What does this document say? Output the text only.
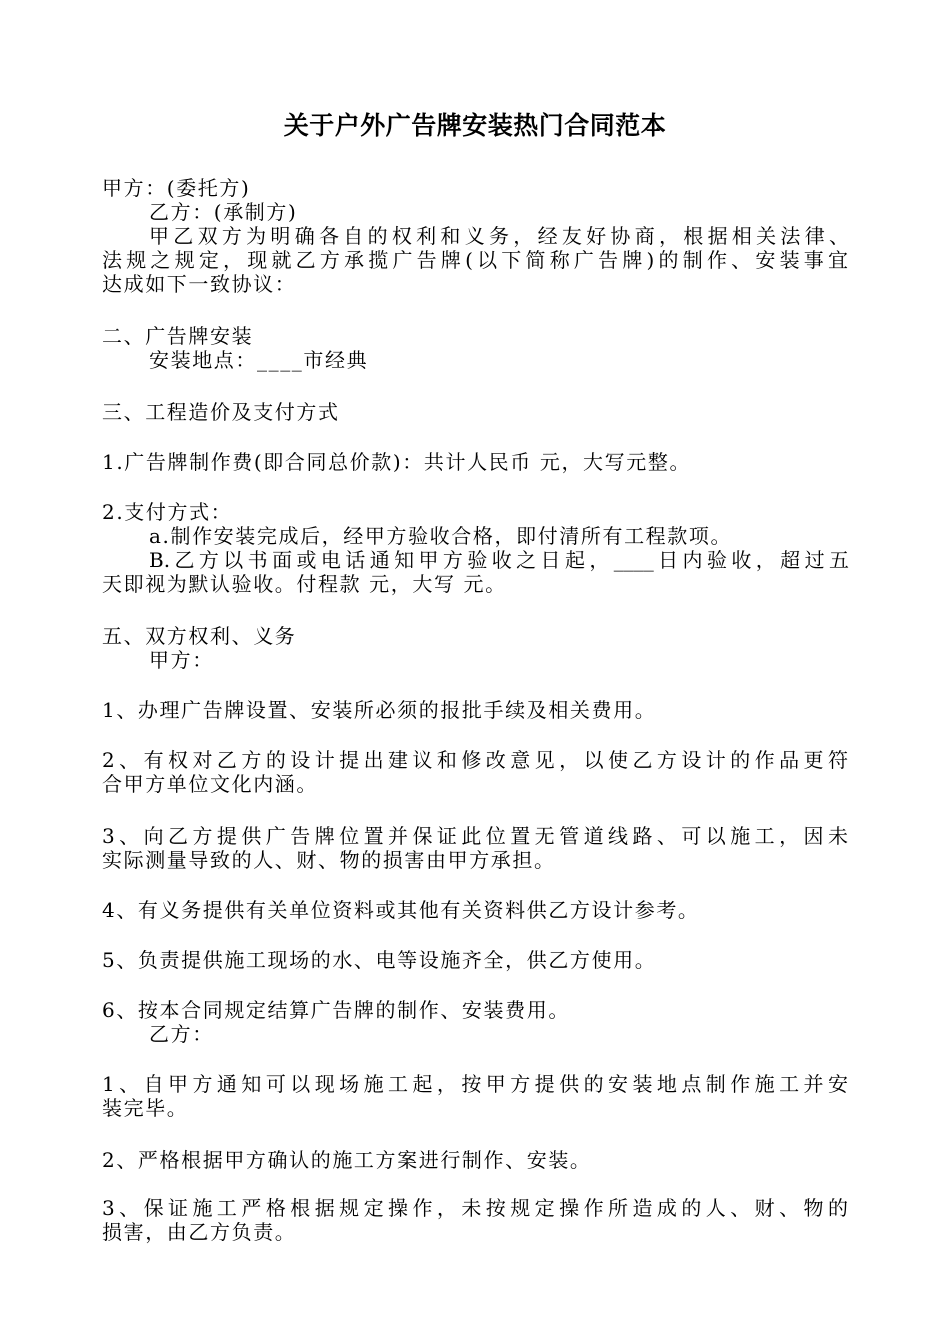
关于户外广告牌安装热门合同范本
甲方：(委托方)
乙方：(承制方)
甲乙双方为明确各自的权利和义务，经友好协商，根据相关法律、
法规之规定，现就乙方承揽广告牌(以下简称广告牌)的制作、安装事宜
达成如下一致协议：
二、广告牌安装
安装地点：____市经典
三、工程造价及支付方式
1.广告牌制作费(即合同总价款)：共计人民币 元，大写元整。
2.支付方式：
a.制作安装完成后，经甲方验收合格，即付清所有工程款项。
B.乙方以书面或电话通知甲方验收之日起，____日内验收，超过五
天即视为默认验收。付程款 元，大写 元。
五、双方权利、义务
甲方：
1、办理广告牌设置、安装所必须的报批手续及相关费用。
2、有权对乙方的设计提出建议和修改意见，以使乙方设计的作品更符
合甲方单位文化内涵。
3、向乙方提供广告牌位置并保证此位置无管道线路、可以施工，因未
实际测量导致的人、财、物的损害由甲方承担。
4、有义务提供有关单位资料或其他有关资料供乙方设计参考。
5、负责提供施工现场的水、电等设施齐全，供乙方使用。
6、按本合同规定结算广告牌的制作、安装费用。
乙方：
1、自甲方通知可以现场施工起，按甲方提供的安装地点制作施工并安
装完毕。
2、严格根据甲方确认的施工方案进行制作、安装。
3、保证施工严格根据规定操作，未按规定操作所造成的人、财、物的
损害，由乙方负责。
